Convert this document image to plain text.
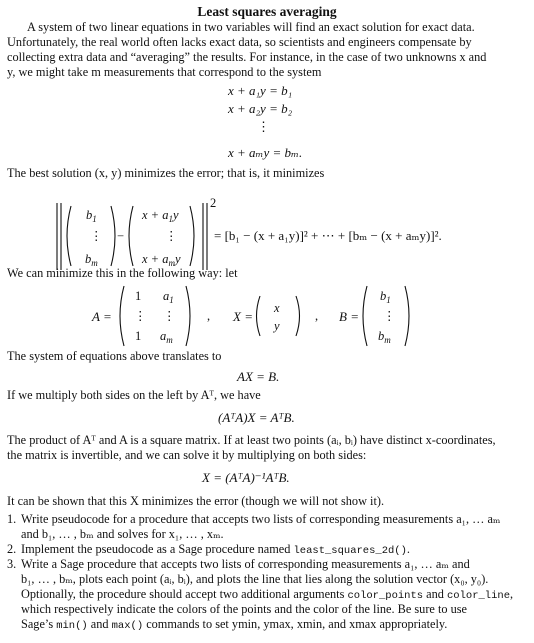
Least squares averaging
A system of two linear equations in two variables will find an exact solution for exact data.
Unfortunately, the real world often lacks exact data, so scientists and engineers compensate by
collecting extra data and “averaging” the results. For instance, in the case of two unknowns x and
y, we might take m measurements that correspond to the system
x + a₁y = b₁
x + a₂y = b₂
⋮
x + aₘy = bₘ.
The best solution (x, y) minimizes the error; that is, it minimizes
$b_1$
⋮
$b_m$
−
$x + a_1y$
⋮
$x + a_my$
2
1 $a_1$
⋮ ⋮
1 $a_m$
,
x
y
,
$b_1$
⋮
$b_m$
= [b₁ − (x + a₁y)]² + ⋯ + [bₘ − (x + aₘy)]².
We can minimize this in the following way: let
A =	X =	B =
The system of equations above translates to
AX = B.
If we multiply both sides on the left by Aᵀ, we have
(AᵀA)X = AᵀB.
The product of Aᵀ and A is a square matrix. If at least two points (aᵢ, bᵢ) have distinct x-coordinates,
the matrix is invertible, and we can solve it by multiplying on both sides:
X = (AᵀA)⁻¹AᵀB.
It can be shown that this X minimizes the error (though we will not show it).
1. Write pseudocode for a procedure that accepts two lists of corresponding measurements a₁, … aₘ
and b₁, … , bₘ and solves for x₁, … , xₘ.
2. Implement the pseudocode as a Sage procedure named least_squares_2d().
3. Write a Sage procedure that accepts two lists of corresponding measurements a₁, … aₘ and
b₁, … , bₘ, plots each point (aᵢ, bᵢ), and plots the line that lies along the solution vector (x₀, y₀).
Optionally, the procedure should accept two additional arguments color_points and color_line,
which respectively indicate the colors of the points and the color of the line. Be sure to use
Sage’s min() and max() commands to set ymin, ymax, xmin, and xmax appropriately.
